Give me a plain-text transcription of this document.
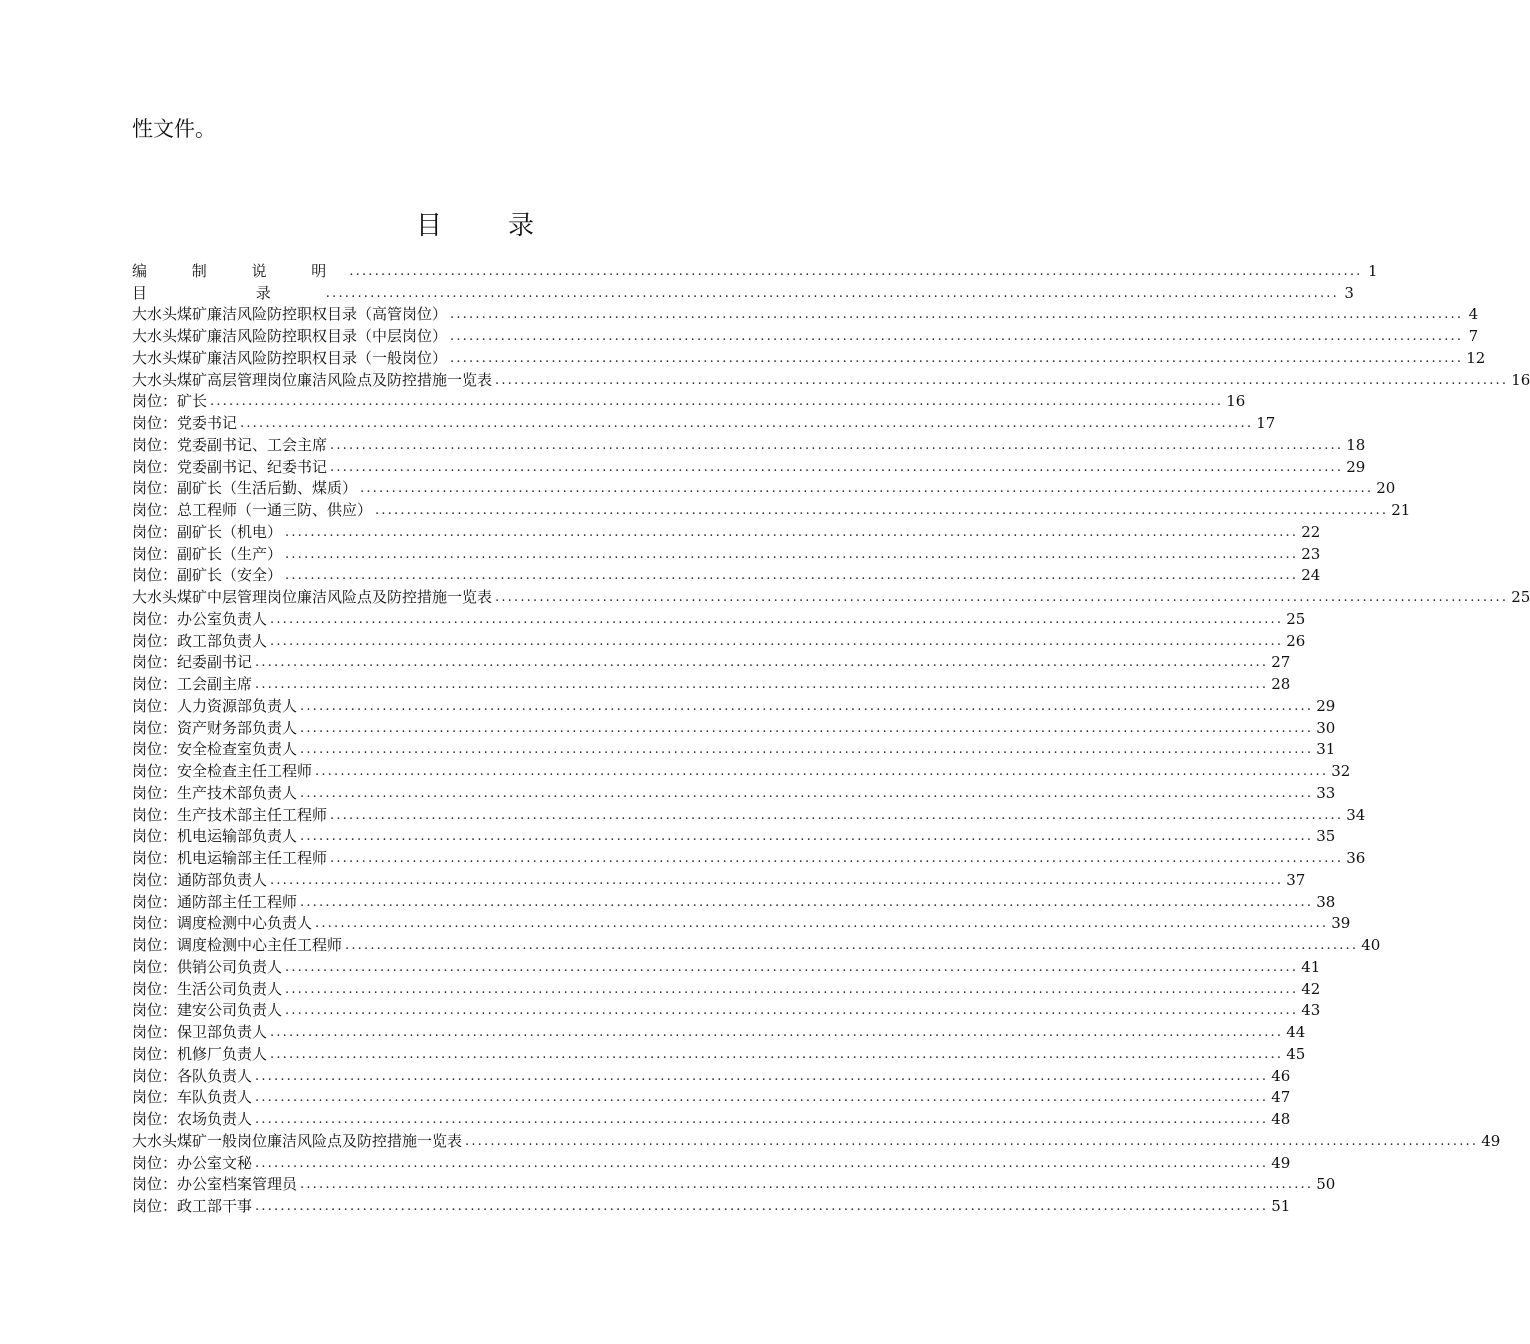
性文件。

目	录
编 制 说 明 ................................................................................................................................................................ 1
目 录 ................................................................................................................................................................ 3
大水头煤矿廉洁风险防控职权目录（高管岗位） ................................................................................................................................................................ 4
大水头煤矿廉洁风险防控职权目录（中层岗位） ................................................................................................................................................................ 7
大水头煤矿廉洁风险防控职权目录（一般岗位） ................................................................................................................................................................ 12
大水头煤矿高层管理岗位廉洁风险点及防控措施一览表 ................................................................................................................................................................ 16
岗位：矿长 ................................................................................................................................................................ 16
岗位：党委书记 ................................................................................................................................................................ 17
岗位：党委副书记、工会主席 ................................................................................................................................................................ 18
岗位：党委副书记、纪委书记 ................................................................................................................................................................ 29
岗位：副矿长（生活后勤、煤质） ................................................................................................................................................................ 20
岗位：总工程师（一通三防、供应） ................................................................................................................................................................ 21
岗位：副矿长（机电） ................................................................................................................................................................ 22
岗位：副矿长（生产） ................................................................................................................................................................ 23
岗位：副矿长（安全） ................................................................................................................................................................ 24
大水头煤矿中层管理岗位廉洁风险点及防控措施一览表 ................................................................................................................................................................ 25
岗位：办公室负责人 ................................................................................................................................................................ 25
岗位：政工部负责人 ................................................................................................................................................................ 26
岗位：纪委副书记 ................................................................................................................................................................ 27
岗位：工会副主席 ................................................................................................................................................................ 28
岗位：人力资源部负责人 ................................................................................................................................................................ 29
岗位：资产财务部负责人 ................................................................................................................................................................ 30
岗位：安全检查室负责人 ................................................................................................................................................................ 31
岗位：安全检查主任工程师 ................................................................................................................................................................ 32
岗位：生产技术部负责人 ................................................................................................................................................................ 33
岗位：生产技术部主任工程师 ................................................................................................................................................................ 34
岗位：机电运输部负责人 ................................................................................................................................................................ 35
岗位：机电运输部主任工程师 ................................................................................................................................................................ 36
岗位：通防部负责人 ................................................................................................................................................................ 37
岗位：通防部主任工程师 ................................................................................................................................................................ 38
岗位：调度检测中心负责人 ................................................................................................................................................................ 39
岗位：调度检测中心主任工程师 ................................................................................................................................................................ 40
岗位：供销公司负责人 ................................................................................................................................................................ 41
岗位：生活公司负责人 ................................................................................................................................................................ 42
岗位：建安公司负责人 ................................................................................................................................................................ 43
岗位：保卫部负责人 ................................................................................................................................................................ 44
岗位：机修厂负责人 ................................................................................................................................................................ 45
岗位：各队负责人 ................................................................................................................................................................ 46
岗位：车队负责人 ................................................................................................................................................................ 47
岗位：农场负责人 ................................................................................................................................................................ 48
大水头煤矿一般岗位廉洁风险点及防控措施一览表 ................................................................................................................................................................ 49
岗位：办公室文秘 ................................................................................................................................................................ 49
岗位：办公室档案管理员 ................................................................................................................................................................ 50
岗位：政工部干事 ................................................................................................................................................................ 51
